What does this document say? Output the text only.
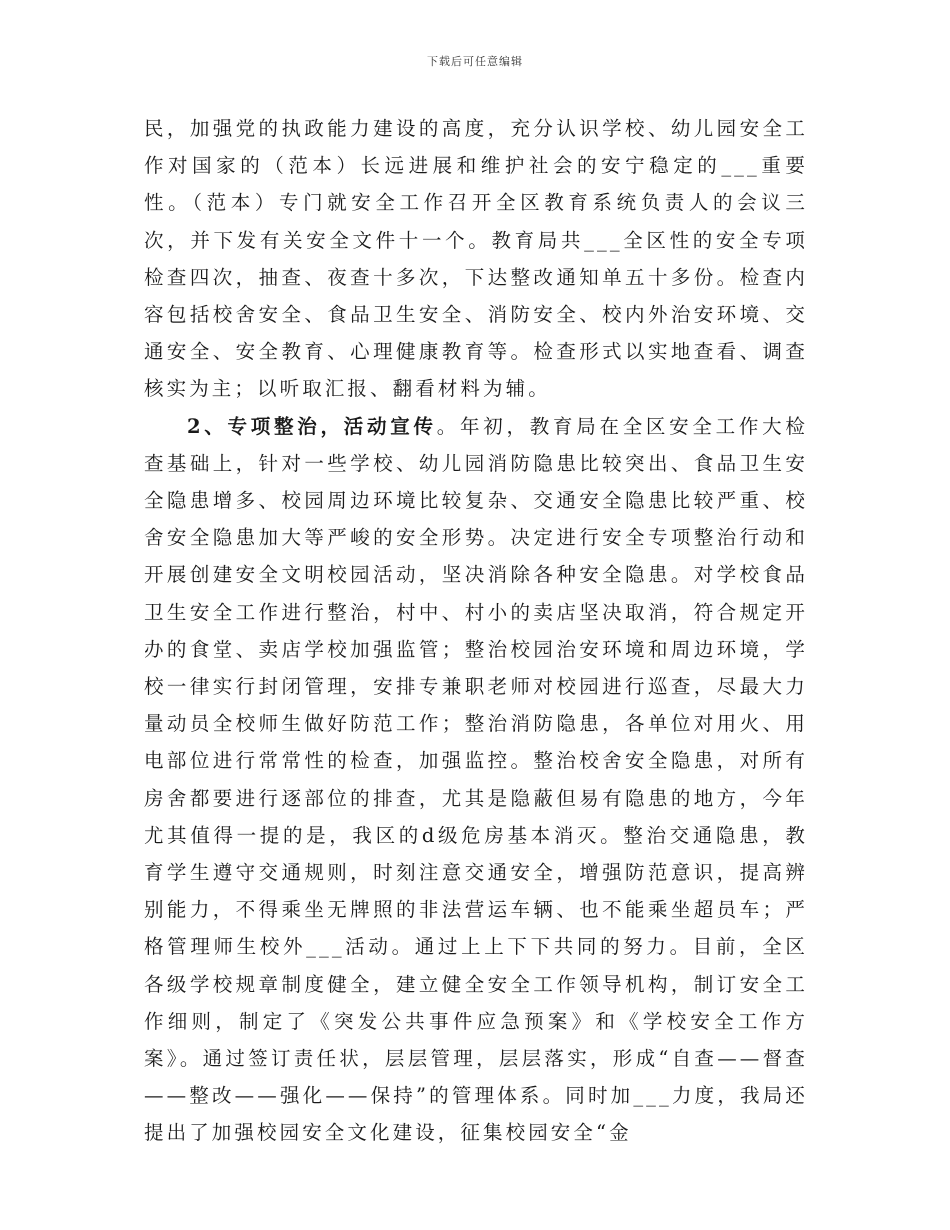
下载后可任意编辑

民，加强党的执政能力建设的高度，充分认识学校、幼儿园安全工作对国家的（范本）长远进展和维护社会的安宁稳定的___重要性。（范本）专门就安全工作召开全区教育系统负责人的会议三次，并下发有关安全文件十一个。教育局共___全区性的安全专项检查四次，抽查、夜查十多次，下达整改通知单五十多份。检查内容包括校舍安全、食品卫生安全、消防安全、校内外治安环境、交通安全、安全教育、心理健康教育等。检查形式以实地查看、调查核实为主；以听取汇报、翻看材料为辅。

2、专项整治，活动宣传。年初，教育局在全区安全工作大检查基础上，针对一些学校、幼儿园消防隐患比较突出、食品卫生安全隐患增多、校园周边环境比较复杂、交通安全隐患比较严重、校舍安全隐患加大等严峻的安全形势。决定进行安全专项整治行动和开展创建安全文明校园活动，坚决消除各种安全隐患。对学校食品卫生安全工作进行整治，村中、村小的卖店坚决取消，符合规定开办的食堂、卖店学校加强监管；整治校园治安环境和周边环境，学校一律实行封闭管理，安排专兼职老师对校园进行巡查，尽最大力量动员全校师生做好防范工作；整治消防隐患，各单位对用火、用电部位进行常常性的检查，加强监控。整治校舍安全隐患，对所有房舍都要进行逐部位的排查，尤其是隐蔽但易有隐患的地方，今年尤其值得一提的是，我区的d级危房基本消灭。整治交通隐患，教育学生遵守交通规则，时刻注意交通安全，增强防范意识，提高辨别能力，不得乘坐无牌照的非法营运车辆、也不能乘坐超员车；严格管理师生校外___活动。通过上上下下共同的努力。目前，全区各级学校规章制度健全，建立健全安全工作领导机构，制订安全工作细则，制定了《突发公共事件应急预案》和《学校安全工作方案》。通过签订责任状，层层管理，层层落实，形成“自查——督查——整改——强化——保持”的管理体系。同时加___力度，我局还提出了加强校园安全文化建设，征集校园安全“金
